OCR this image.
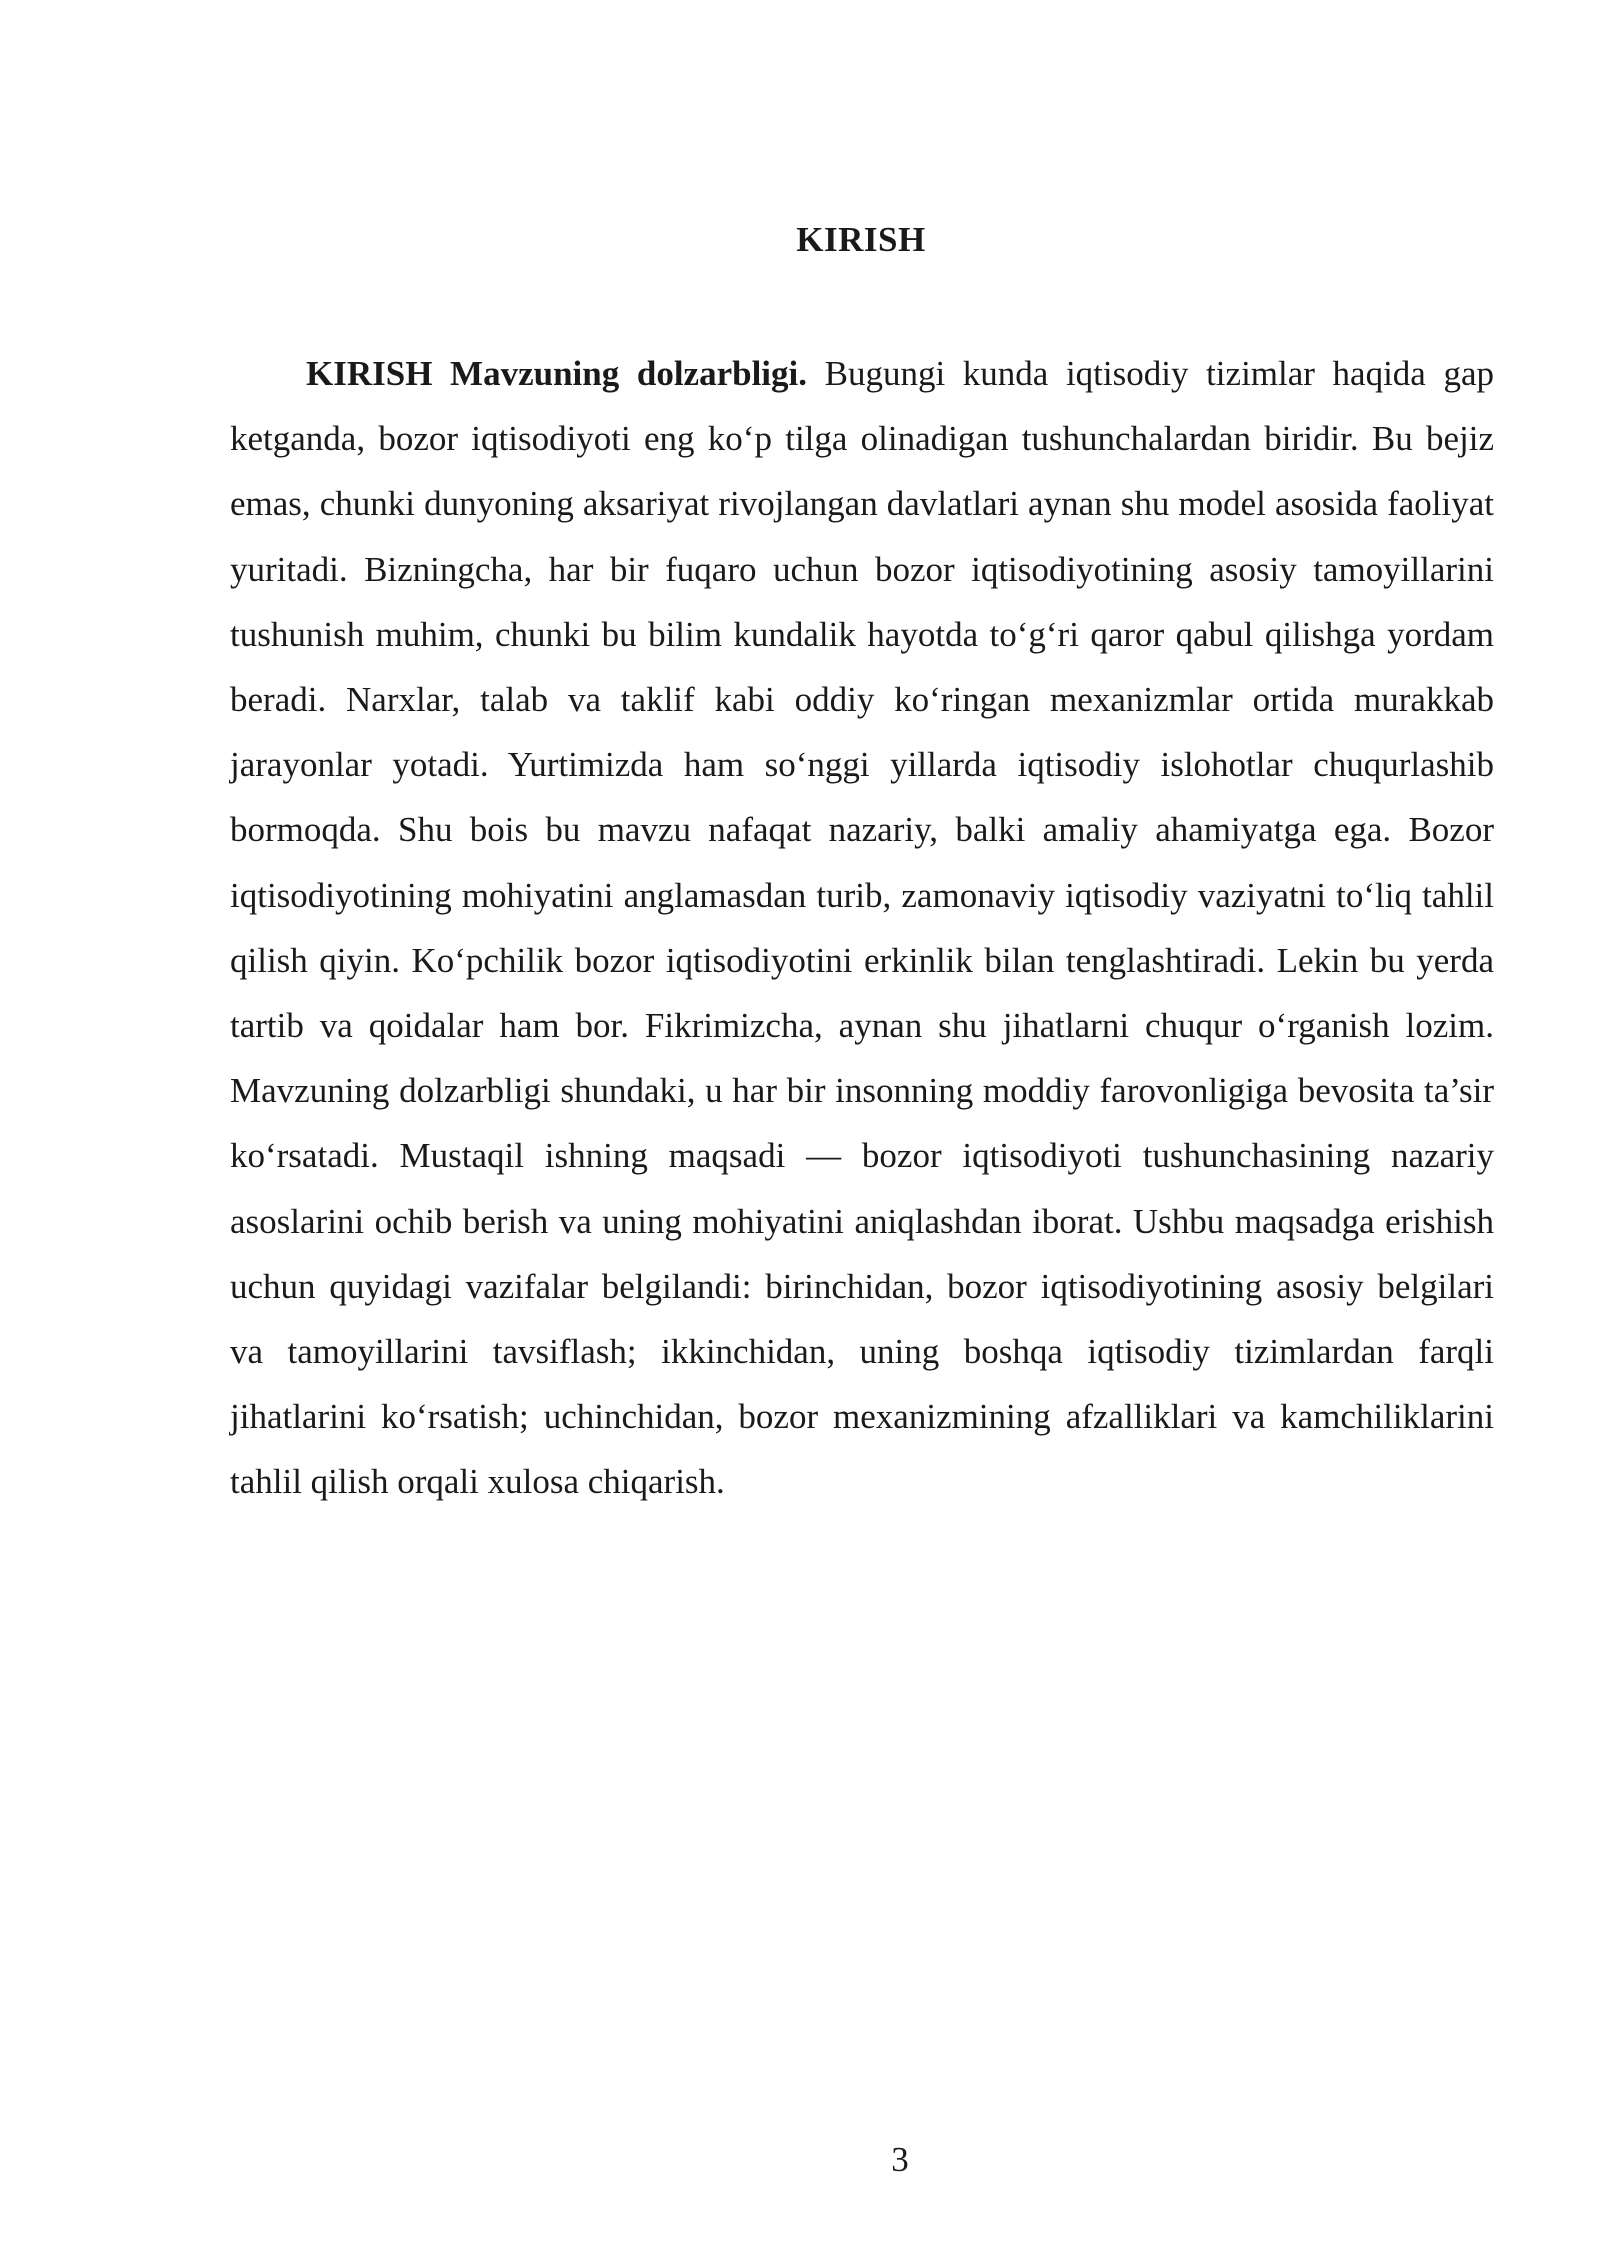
KIRISH

KIRISH Mavzuning dolzarbligi. Bugungi kunda iqtisodiy tizimlar haqida gap ketganda, bozor iqtisodiyoti eng ko‘p tilga olinadigan tushunchalardan biridir. Bu bejiz emas, chunki dunyoning aksariyat rivojlangan davlatlari aynan shu model asosida faoliyat yuritadi. Bizningcha, har bir fuqaro uchun bozor iqtisodiyotining asosiy tamoyillarini tushunish muhim, chunki bu bilim kundalik hayotda to‘g‘ri qaror qabul qilishga yordam beradi. Narxlar, talab va taklif kabi oddiy ko‘ringan mexanizmlar ortida murakkab jarayonlar yotadi. Yurtimizda ham so‘nggi yillarda iqtisodiy islohotlar chuqurlashib bormoqda. Shu bois bu mavzu nafaqat nazariy, balki amaliy ahamiyatga ega. Bozor iqtisodiyotining mohiyatini anglamasdan turib, zamonaviy iqtisodiy vaziyatni to‘liq tahlil qilish qiyin. Ko‘pchilik bozor iqtisodiyotini erkinlik bilan tenglashtiradi. Lekin bu yerda tartib va qoidalar ham bor. Fikrimizcha, aynan shu jihatlarni chuqur o‘rganish lozim. Mavzuning dolzarbligi shundaki, u har bir insonning moddiy farovonligiga bevosita ta’sir ko‘rsatadi. Mustaqil ishning maqsadi — bozor iqtisodiyoti tushunchasining nazariy asoslarini ochib berish va uning mohiyatini aniqlashdan iborat. Ushbu maqsadga erishish uchun quyidagi vazifalar belgilandi: birinchidan, bozor iqtisodiyotining asosiy belgilari va tamoyillarini tavsiflash; ikkinchidan, uning boshqa iqtisodiy tizimlardan farqli jihatlarini ko‘rsatish; uchinchidan, bozor mexanizmining afzalliklari va kamchiliklarini tahlil qilish orqali xulosa chiqarish.

3
